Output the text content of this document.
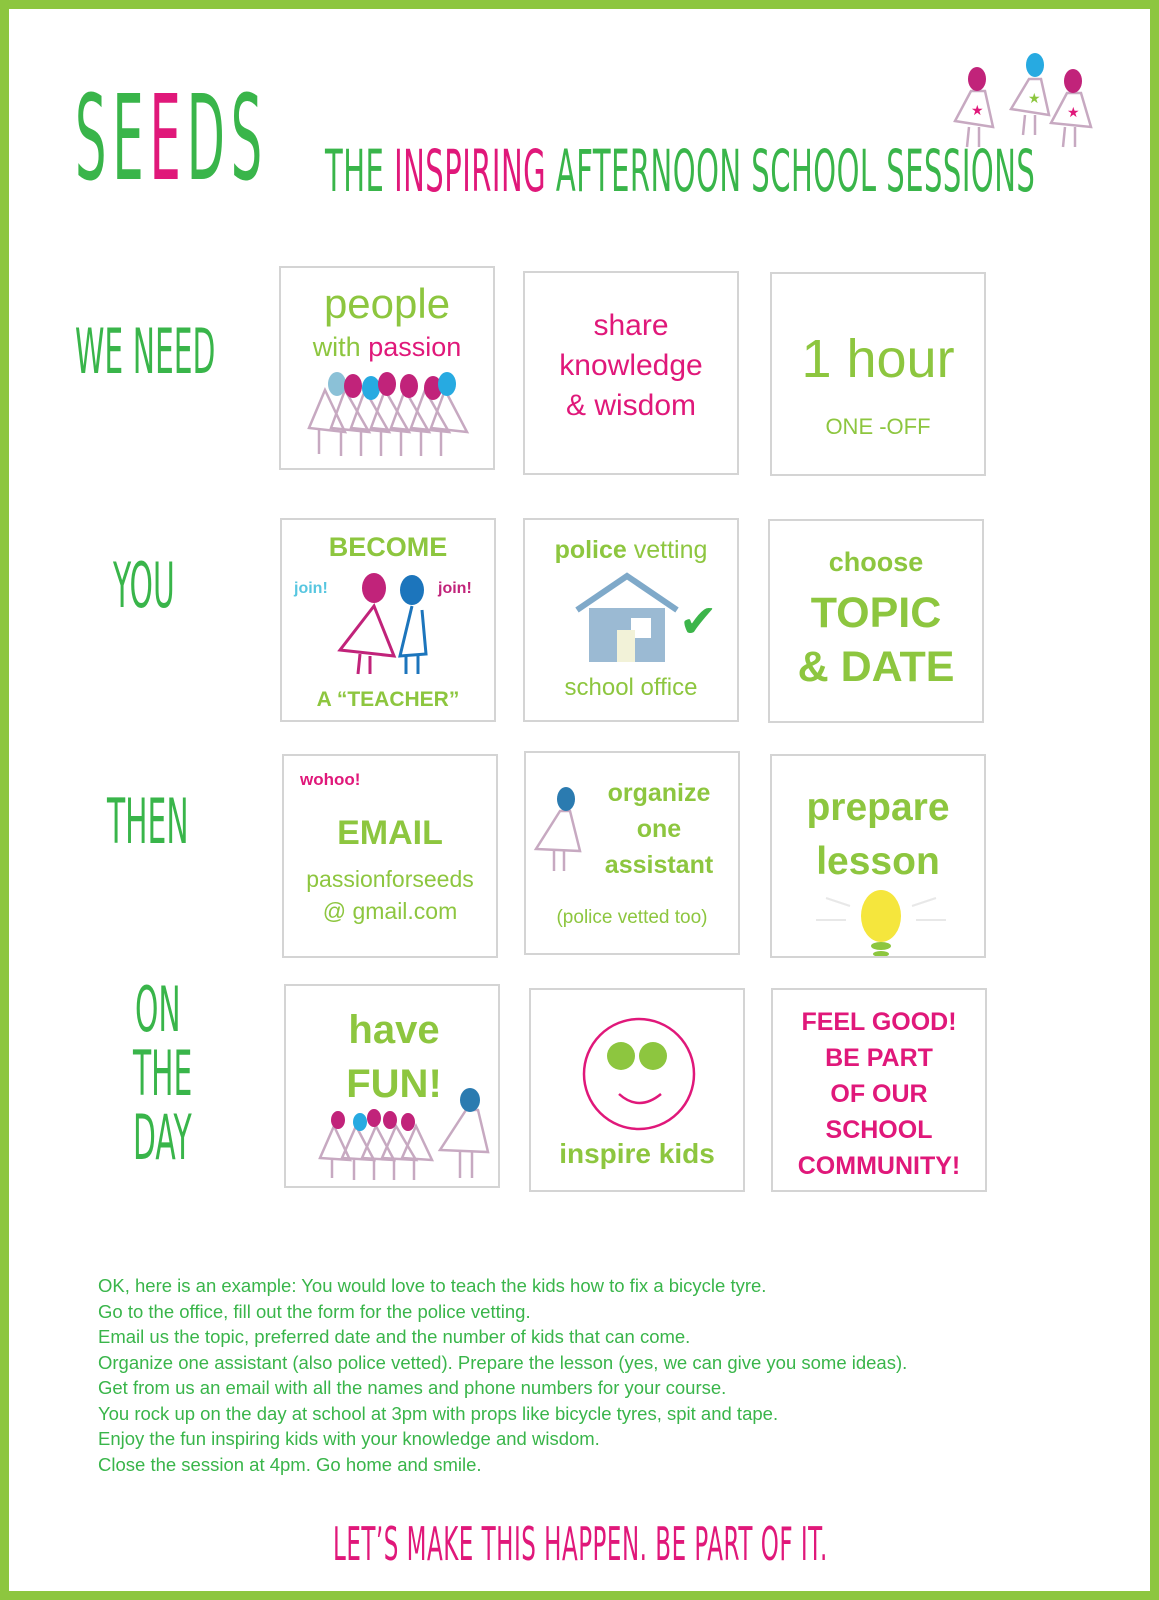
SEEDS THE INSPIRING AFTERNOON SCHOOL SESSIONS
★
★
★
WE NEED
YOU
THEN
ON
THE
DAY
people
with passion
share
knowledge
& wisdom
1 hour
ONE -OFF
BECOME
join!	join!
A “TEACHER”
police vetting
✔
school office
choose
TOPIC
& DATE
wohoo!
EMAIL
passionforseeds
@ gmail.com
organize
one
assistant
(police vetted too)
prepare
lesson
have
FUN!
inspire kids
FEEL GOOD!
BE PART
OF OUR
SCHOOL
COMMUNITY!
OK, here is an example: You would love to teach the kids how to fix a bicycle tyre.
Go to the office, fill out the form for the police vetting.
Email us the topic, preferred date and the number of kids that can come.
Organize one assistant (also police vetted). Prepare the lesson (yes, we can give you some ideas).
Get from us an email with all the names and phone numbers for your course.
You rock up on the day at school at 3pm with props like bicycle tyres, spit and tape.
Enjoy the fun inspiring kids with your knowledge and wisdom.
Close the session at 4pm. Go home and smile.
LET’S MAKE THIS HAPPEN. BE PART OF IT.
